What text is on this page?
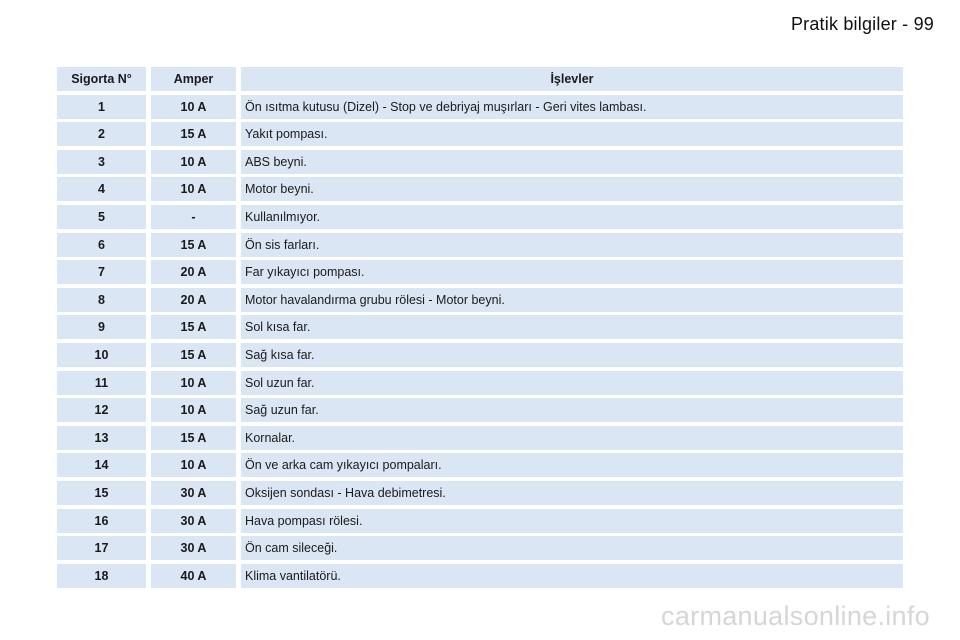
Pratik bilgiler - 99
Sigorta N°	Amper	İşlevler
1	10 A	Ön ısıtma kutusu (Dizel) - Stop ve debriyaj muşırları - Geri vites lambası.
2	15 A	Yakıt pompası.
3	10 A	ABS beyni.
4	10 A	Motor beyni.
5	-	Kullanılmıyor.
6	15 A	Ön sis farları.
7	20 A	Far yıkayıcı pompası.
8	20 A	Motor havalandırma grubu rölesi - Motor beyni.
9	15 A	Sol kısa far.
10	15 A	Sağ kısa far.
11	10 A	Sol uzun far.
12	10 A	Sağ uzun far.
13	15 A	Kornalar.
14	10 A	Ön ve arka cam yıkayıcı pompaları.
15	30 A	Oksijen sondası - Hava debimetresi.
16	30 A	Hava pompası rölesi.
17	30 A	Ön cam sileceği.
18	40 A	Klima vantilatörü.
carmanualsonline.info
